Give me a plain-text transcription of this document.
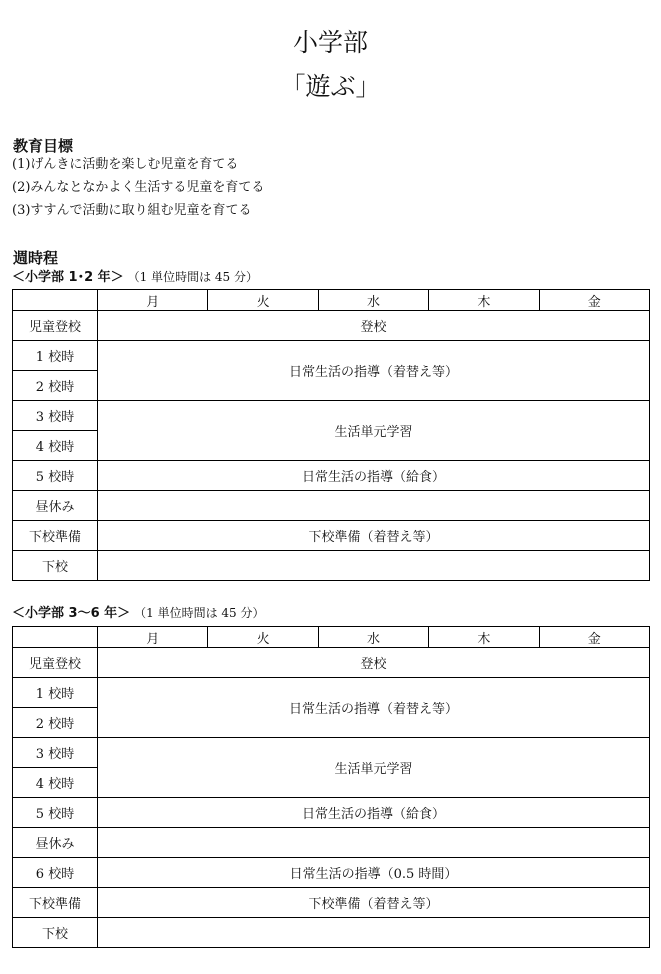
小学部
「遊ぶ」
教育目標
(1)げんきに活動を楽しむ児童を育てる
(2)みんなとなかよく生活する児童を育てる
(3)すすんで活動に取り組む児童を育てる
週時程
＜小学部 1･2 年＞ （1 単位時間は 45 分）
	月	火	水	木	金
児童登校	登校				
1 校時	日常生活の指導（着替え等）				
2 校時					
3 校時	生活単元学習				
4 校時					
5 校時	日常生活の指導（給食）				
昼休み					
下校準備	下校準備（着替え等）				
下校					
＜小学部 3〜6 年＞ （1 単位時間は 45 分）
	月	火	水	木	金
児童登校	登校				
1 校時	日常生活の指導（着替え等）				
2 校時					
3 校時	生活単元学習				
4 校時					
5 校時	日常生活の指導（給食）				
昼休み					
6 校時	日常生活の指導（0.5 時間）				
下校準備	下校準備（着替え等）				
下校					
